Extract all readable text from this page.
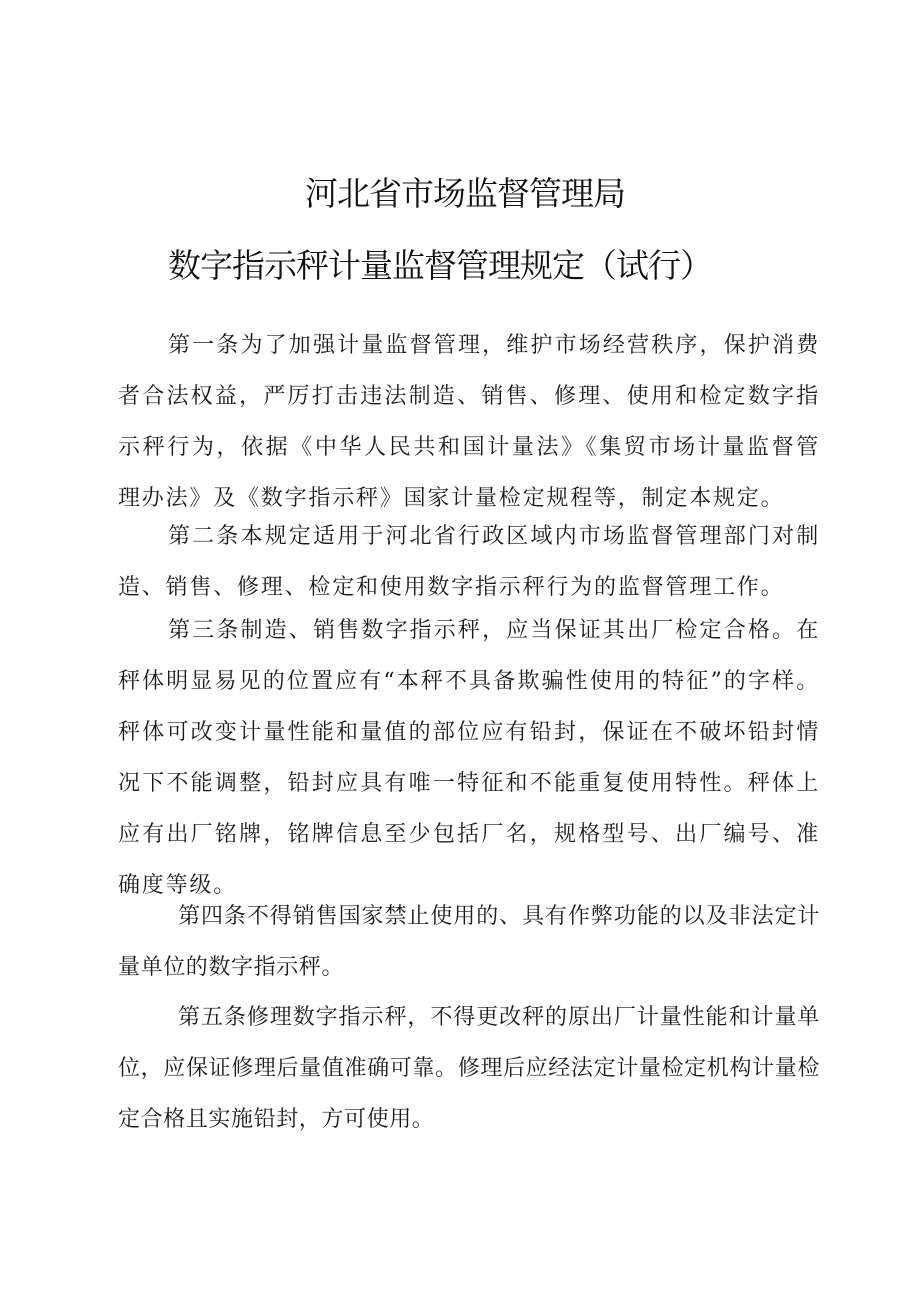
河北省市场监督管理局
数字指示秤计量监督管理规定（试行）

第一条为了加强计量监督管理，维护市场经营秩序，保护消费者合法权益，严厉打击违法制造、销售、修理、使用和检定数字指示秤行为，依据《中华人民共和国计量法》《集贸市场计量监督管理办法》及《数字指示秤》国家计量检定规程等，制定本规定。

第二条本规定适用于河北省行政区域内市场监督管理部门对制造、销售、修理、检定和使用数字指示秤行为的监督管理工作。

第三条制造、销售数字指示秤，应当保证其出厂检定合格。在秤体明显易见的位置应有“本秤不具备欺骗性使用的特征”的字样。秤体可改变计量性能和量值的部位应有铅封，保证在不破坏铅封情况下不能调整，铅封应具有唯一特征和不能重复使用特性。秤体上应有出厂铭牌，铭牌信息至少包括厂名，规格型号、出厂编号、准确度等级。

第四条不得销售国家禁止使用的、具有作弊功能的以及非法定计量单位的数字指示秤。

第五条修理数字指示秤，不得更改秤的原出厂计量性能和计量单位，应保证修理后量值准确可靠。修理后应经法定计量检定机构计量检定合格且实施铅封，方可使用。
